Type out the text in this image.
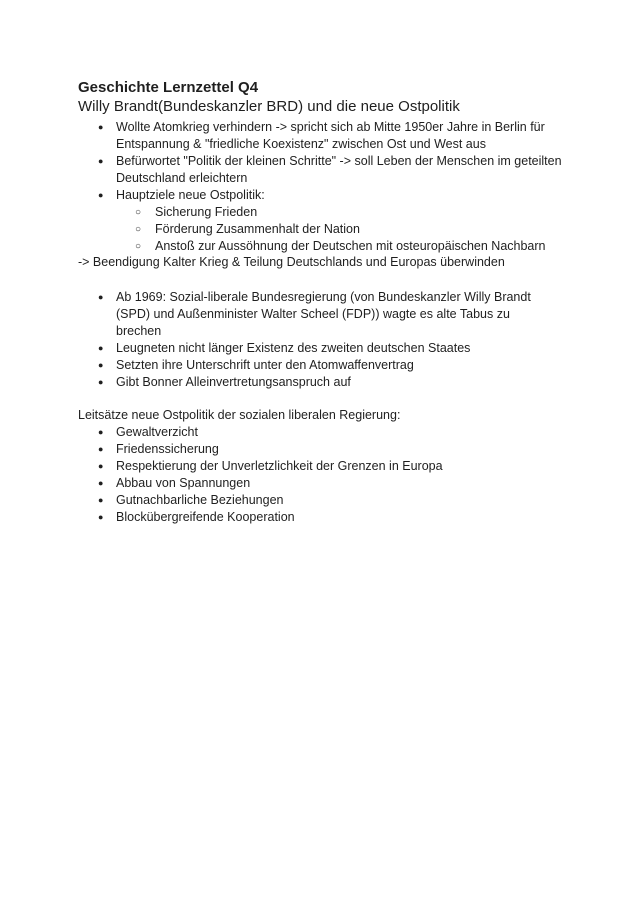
Geschichte Lernzettel Q4
Willy Brandt(Bundeskanzler BRD) und die neue Ostpolitik
● Wollte Atomkrieg verhindern -> spricht sich ab Mitte 1950er Jahre in Berlin für Entspannung & "friedliche Koexistenz" zwischen Ost und West aus
● Befürwortet "Politik der kleinen Schritte" -> soll Leben der Menschen im geteilten Deutschland erleichtern
● Hauptziele neue Ostpolitik:
○ Sicherung Frieden
○ Förderung Zusammenhalt der Nation
○ Anstoß zur Aussöhnung der Deutschen mit osteuropäischen Nachbarn
-> Beendigung Kalter Krieg & Teilung Deutschlands und Europas überwinden
● Ab 1969: Sozial-liberale Bundesregierung (von Bundeskanzler Willy Brandt (SPD) und Außenminister Walter Scheel (FDP)) wagte es alte Tabus zu brechen
● Leugneten nicht länger Existenz des zweiten deutschen Staates
● Setzten ihre Unterschrift unter den Atomwaffenvertrag
● Gibt Bonner Alleinvertretungsanspruch auf
Leitsätze neue Ostpolitik der sozialen liberalen Regierung:
● Gewaltverzicht
● Friedenssicherung
● Respektierung der Unverletzlichkeit der Grenzen in Europa
● Abbau von Spannungen
● Gutnachbarliche Beziehungen
● Blockübergreifende Kooperation
